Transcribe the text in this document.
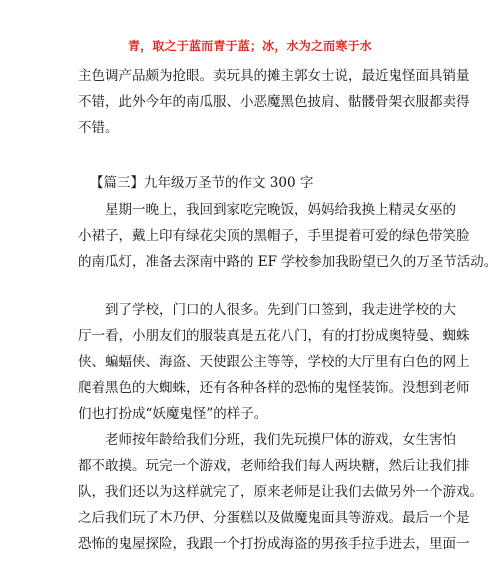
青，取之于蓝而青于蓝；冰，水为之而寒于水
主色调产品颇为抢眼。卖玩具的摊主郭女士说，最近鬼怪面具销量
不错，此外今年的南瓜服、小恶魔黑色披肩、骷髅骨架衣服都卖得
不错。
【篇三】九年级万圣节的作文 300 字
　　星期一晚上，我回到家吃完晚饭，妈妈给我换上精灵女巫的
小裙子，戴上印有绿花尖顶的黑帽子，手里提着可爱的绿色带笑脸
的南瓜灯，准备去深南中路的 EF 学校参加我盼望已久的万圣节活动。
　　到了学校，门口的人很多。先到门口签到，我走进学校的大
厅一看，小朋友们的服装真是五花八门，有的打扮成奥特曼、蜘蛛
侠、蝙蝠侠、海盗、天使跟公主等等，学校的大厅里有白色的网上
爬着黑色的大蜘蛛，还有各种各样的恐怖的鬼怪装饰。没想到老师
们也打扮成“妖魔鬼怪”的样子。
　　老师按年龄给我们分班，我们先玩摸尸体的游戏，女生害怕
都不敢摸。玩完一个游戏，老师给我们每人两块糖，然后让我们排
队，我们还以为这样就完了，原来老师是让我们去做另外一个游戏。
之后我们玩了木乃伊、分蛋糕以及做魔鬼面具等游戏。最后一个是
恐怖的鬼屋探险，我跟一个打扮成海盗的男孩手拉手进去，里面一
